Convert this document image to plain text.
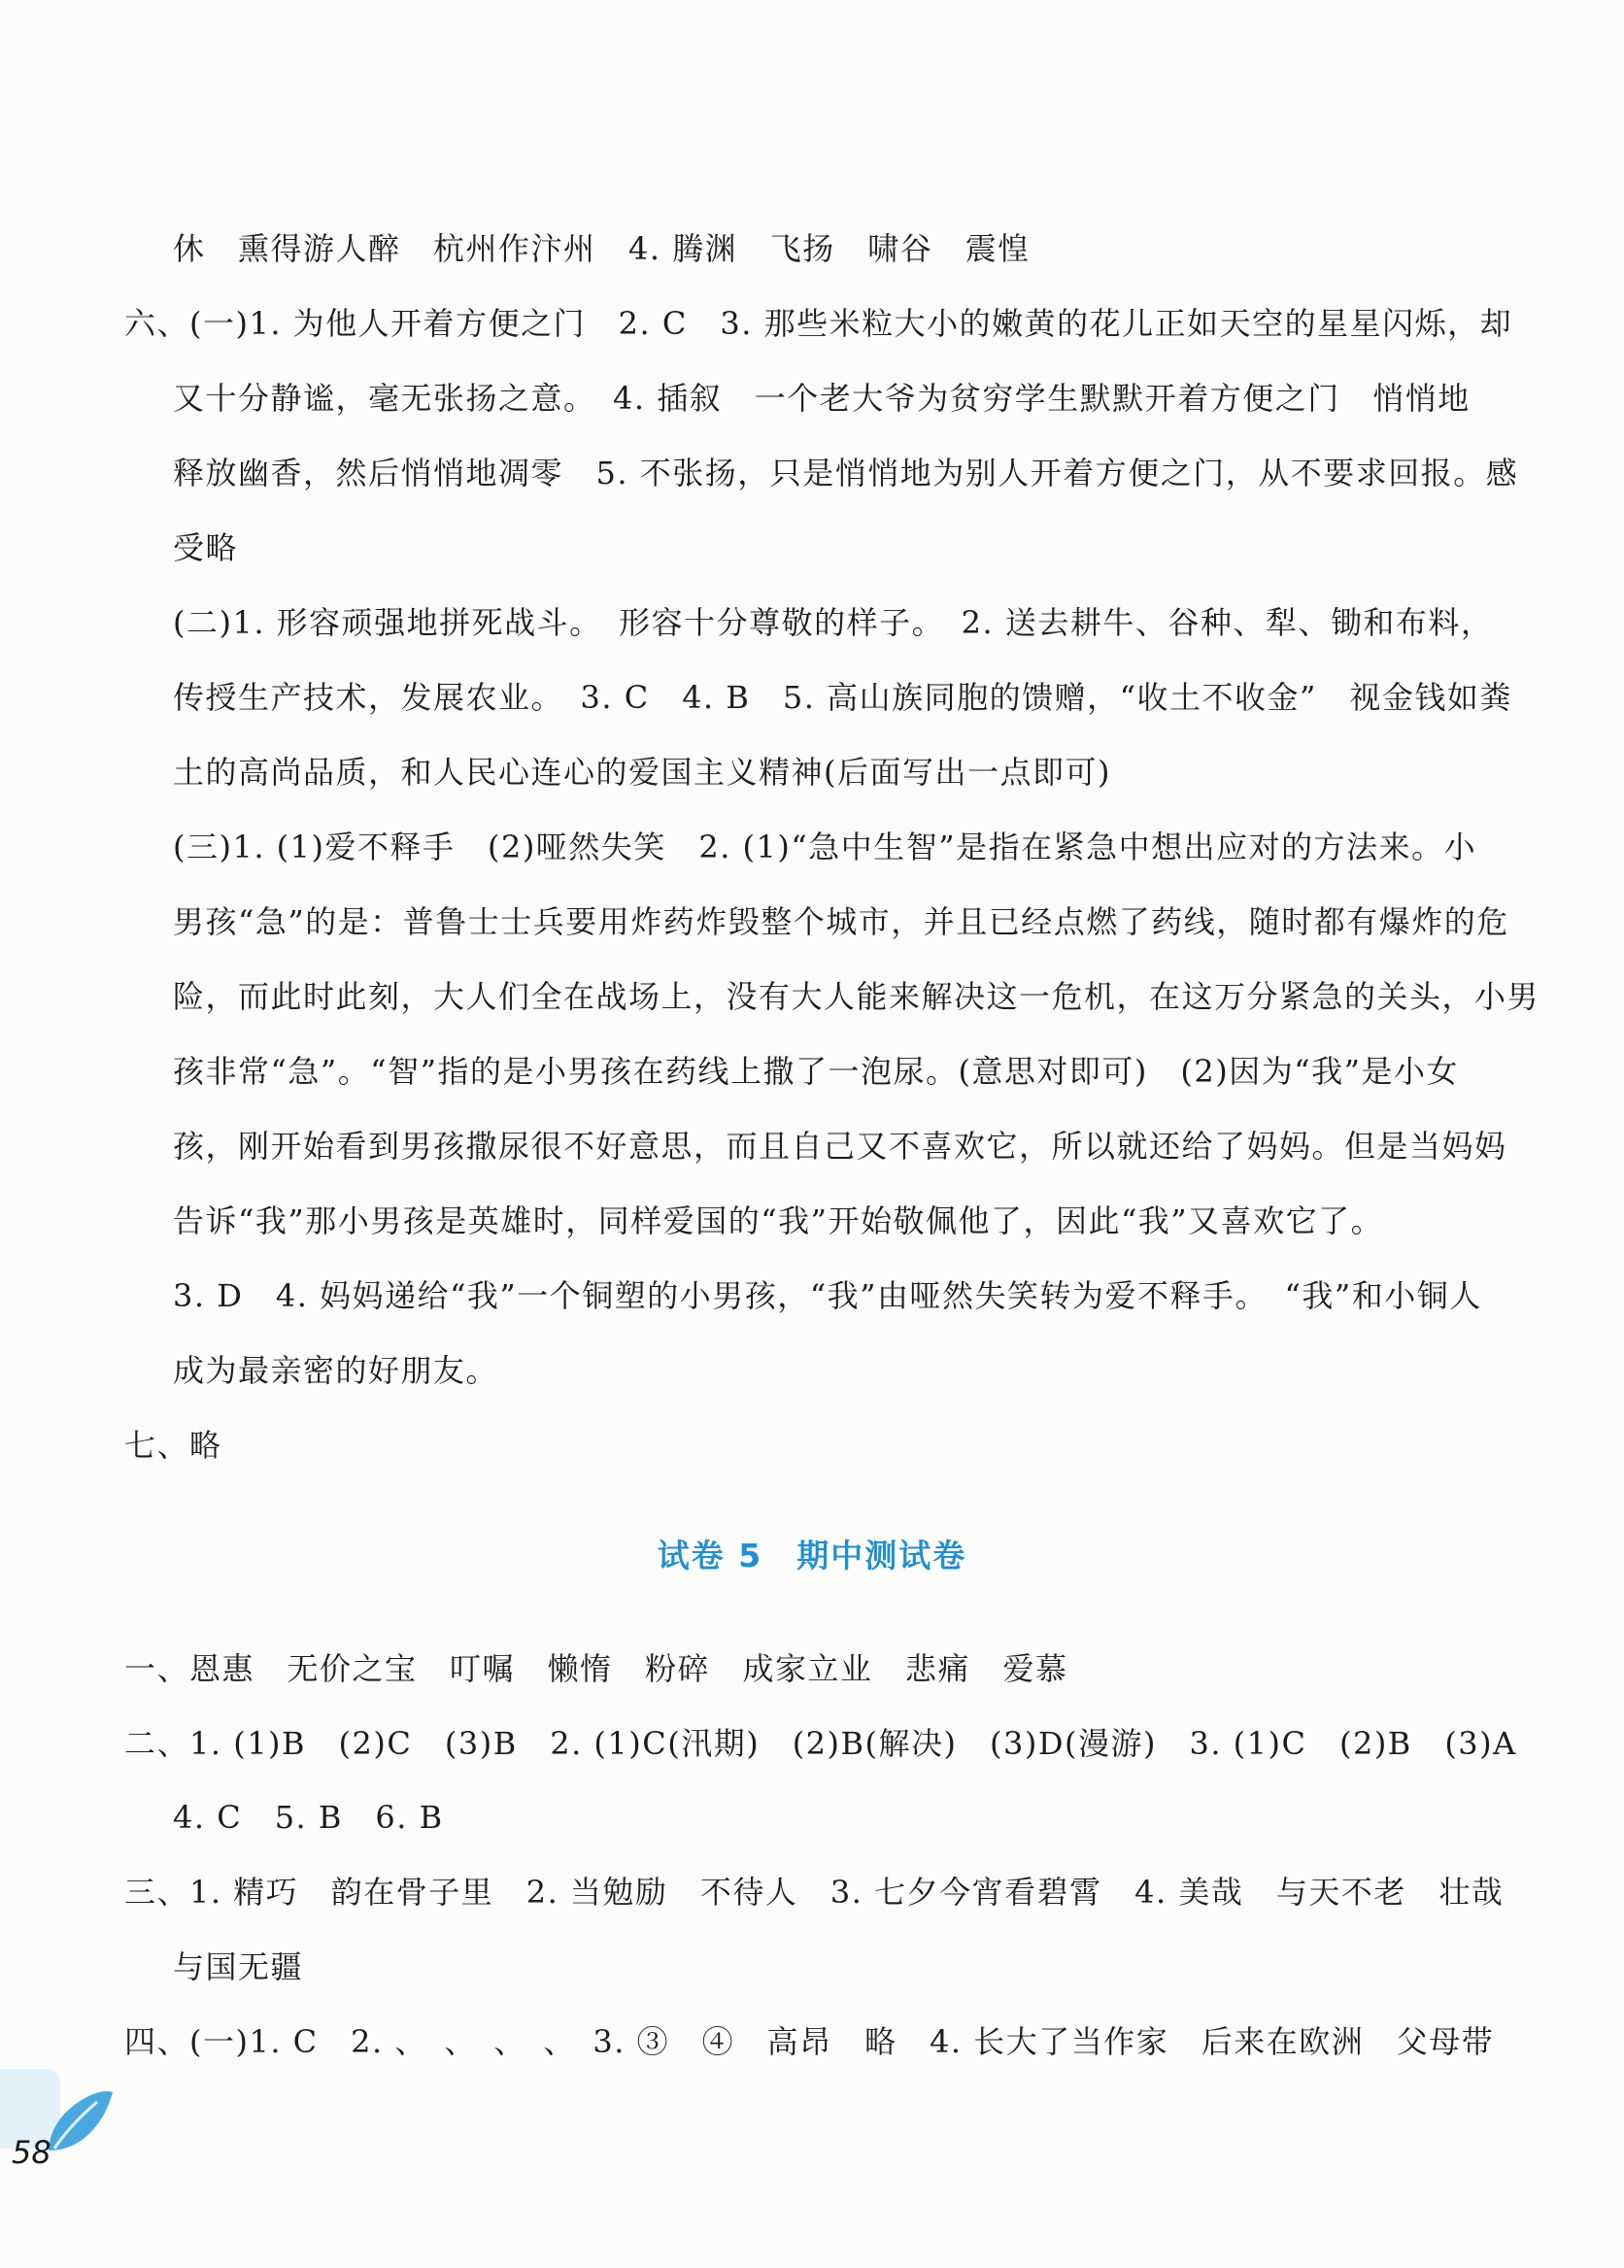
休　熏得游人醉　杭州作汴州　4. 腾渊　飞扬　啸谷　震惶
六、(一)1. 为他人开着方便之门　2. C　3. 那些米粒大小的嫩黄的花儿正如天空的星星闪烁，却
又十分静谧，毫无张扬之意。　4. 插叙　一个老大爷为贫穷学生默默开着方便之门　悄悄地
释放幽香，然后悄悄地凋零　5. 不张扬，只是悄悄地为别人开着方便之门，从不要求回报。感
受略
(二)1. 形容顽强地拼死战斗。　形容十分尊敬的样子。　2. 送去耕牛、谷种、犁、锄和布料，
传授生产技术，发展农业。　3. C　4. B　5. 高山族同胞的馈赠，“收土不收金”　视金钱如粪
土的高尚品质，和人民心连心的爱国主义精神(后面写出一点即可)
(三)1. (1)爱不释手　(2)哑然失笑　2. (1)“急中生智”是指在紧急中想出应对的方法来。小
男孩“急”的是：普鲁士士兵要用炸药炸毁整个城市，并且已经点燃了药线，随时都有爆炸的危
险，而此时此刻，大人们全在战场上，没有大人能来解决这一危机，在这万分紧急的关头，小男
孩非常“急”。“智”指的是小男孩在药线上撒了一泡尿。(意思对即可)　(2)因为“我”是小女
孩，刚开始看到男孩撒尿很不好意思，而且自己又不喜欢它，所以就还给了妈妈。但是当妈妈
告诉“我”那小男孩是英雄时，同样爱国的“我”开始敬佩他了，因此“我”又喜欢它了。
3. D　4. 妈妈递给“我”一个铜塑的小男孩，“我”由哑然失笑转为爱不释手。　“我”和小铜人
成为最亲密的好朋友。
七、略
试卷 5　期中测试卷
一、恩惠　无价之宝　叮嘱　懒惰　粉碎　成家立业　悲痛　爱慕
二、1. (1)B　(2)C　(3)B　2. (1)C(汛期)　(2)B(解决)　(3)D(漫游)　3. (1)C　(2)B　(3)A
4. C　5. B　6. B
三、1. 精巧　韵在骨子里　2. 当勉励　不待人　3. 七夕今宵看碧霄　4. 美哉　与天不老　壮哉
与国无疆
四、(一)1. C　2. 、　、　、　、　3. ③　④　高昂　略　4. 长大了当作家　后来在欧洲　父母带
58
